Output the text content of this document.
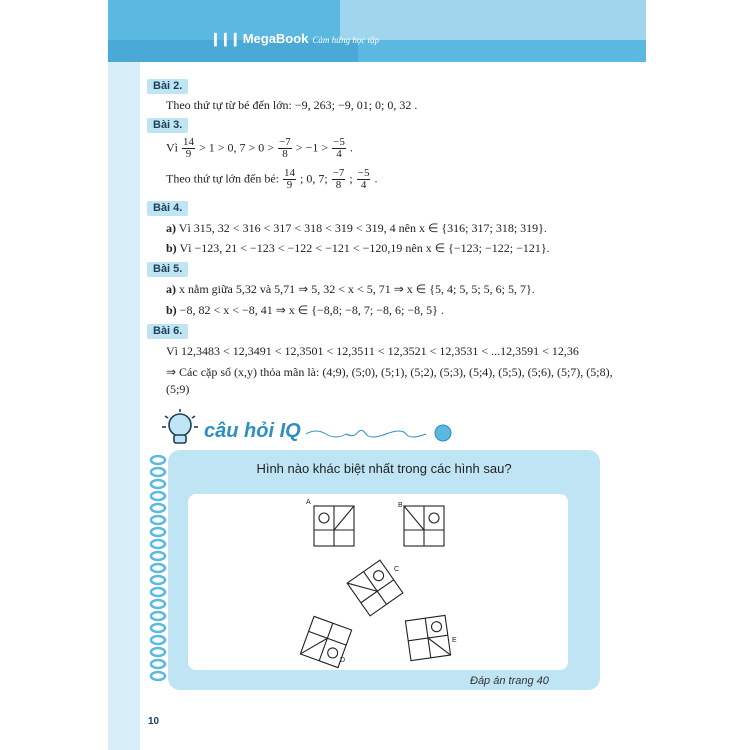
❙❙❙ MegaBook Cảm hứng học tập
Bài 2.
Theo thứ tự từ bé đến lớn: −9, 263; −9, 01; 0; 0, 32 .
Bài 3.
Vì $\frac{14}{9} > 1 > 0$, $7 > 0 > \frac{-7}{8} > -1 > \frac{-5}{4}$ .
Theo thứ tự lớn đến bé: $\frac{14}{9}$ ; 0, 7; $\frac{-7}{8}$ ; $\frac{-5}{4}$ .
Bài 4.
a) Vì 315, 32 < 316 < 317 < 318 < 319 < 319, 4 nên x ∈ {316; 317; 318; 319}.
b) Vì −123, 21 < −123 < −122 < −121 < −120,19 nên x ∈ {−123; −122; −121}.
Bài 5.
a) x nằm giữa 5,32 và 5,71 ⇒ 5, 32 < x < 5, 71 ⇒ x ∈ {5, 4; 5, 5; 5, 6; 5, 7}.
b) −8, 82 < x < −8, 41 ⇒ x ∈ {−8,8; −8, 7; −8, 6; −8, 5} .
Bài 6.
Vì 12,3483 < 12,3491 < 12,3501 < 12,3511 < 12,3521 < 12,3531 < ...12,3591 < 12,36
⇒ Các cặp số (x,y) thỏa mãn là: (4;9), (5;0), (5;1), (5;2), (5;3), (5;4), (5;5), (5;6), (5;7), (5;8),
(5;9)
câu hỏi IQ
Hình nào khác biệt nhất trong các hình sau?
A	B
C
D
E
Đáp án trang 40
10
